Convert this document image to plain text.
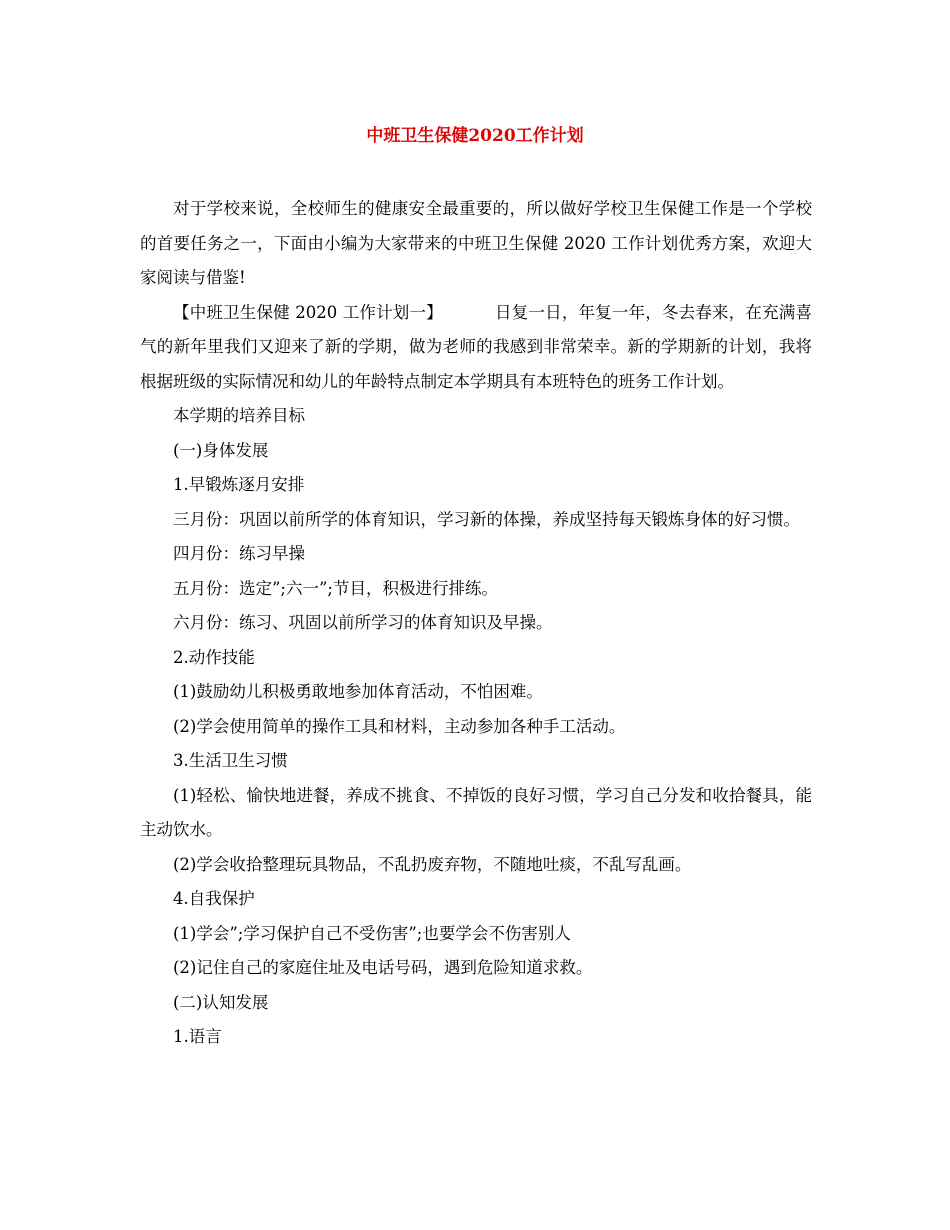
中班卫生保健2020工作计划

对于学校来说，全校师生的健康安全最重要的，所以做好学校卫生保健工作是一个学校的首要任务之一，下面由小编为大家带来的中班卫生保健 2020 工作计划优秀方案，欢迎大家阅读与借鉴!

【中班卫生保健 2020 工作计划一】	日复一日，年复一年，冬去春来，在充满喜气的新年里我们又迎来了新的学期，做为老师的我感到非常荣幸。新的学期新的计划，我将根据班级的实际情况和幼儿的年龄特点制定本学期具有本班特色的班务工作计划。

本学期的培养目标

(一)身体发展

1.早锻炼逐月安排

三月份：巩固以前所学的体育知识，学习新的体操，养成坚持每天锻炼身体的好习惯。

四月份：练习早操

五月份：选定”;六一”;节目，积极进行排练。

六月份：练习、巩固以前所学习的体育知识及早操。

2.动作技能

(1)鼓励幼儿积极勇敢地参加体育活动，不怕困难。

(2)学会使用简单的操作工具和材料，主动参加各种手工活动。

3.生活卫生习惯

(1)轻松、愉快地进餐，养成不挑食、不掉饭的良好习惯，学习自己分发和收拾餐具，能主动饮水。

(2)学会收拾整理玩具物品，不乱扔废弃物，不随地吐痰，不乱写乱画。

4.自我保护

(1)学会”;学习保护自己不受伤害”;也要学会不伤害别人

(2)记住自己的家庭住址及电话号码，遇到危险知道求救。

(二)认知发展

1.语言
